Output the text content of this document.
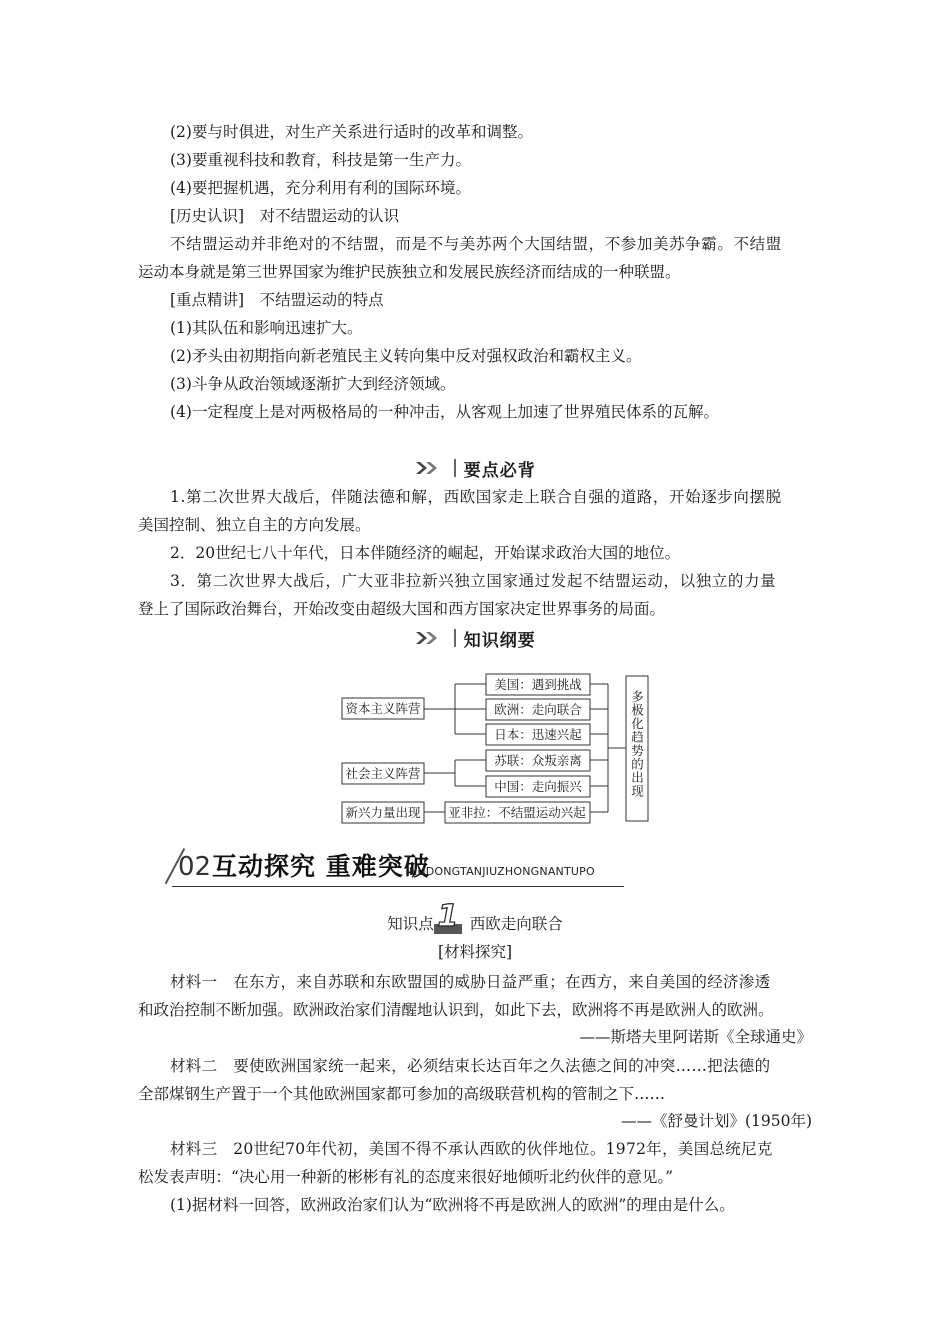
(2)要与时俱进，对生产关系进行适时的改革和调整。

(3)要重视科技和教育，科技是第一生产力。

(4)要把握机遇，充分利用有利的国际环境。

[历史认识]　对不结盟运动的认识

不结盟运动并非绝对的不结盟，而是不与美苏两个大国结盟，不参加美苏争霸。不结盟

运动本身就是第三世界国家为维护民族独立和发展民族经济而结成的一种联盟。

[重点精讲]　不结盟运动的特点

(1)其队伍和影响迅速扩大。

(2)矛头由初期指向新老殖民主义转向集中反对强权政治和霸权主义。

(3)斗争从政治领域逐渐扩大到经济领域。

(4)一定程度上是对两极格局的一种冲击，从客观上加速了世界殖民体系的瓦解。

要点必背

1.第二次世界大战后，伴随法德和解，西欧国家走上联合自强的道路，开始逐步向摆脱

美国控制、独立自主的方向发展。

2．20世纪七八十年代，日本伴随经济的崛起，开始谋求政治大国的地位。

3．第二次世界大战后，广大亚非拉新兴独立国家通过发起不结盟运动，以独立的力量

登上了国际政治舞台，开始改变由超级大国和西方国家决定世界事务的局面。

知识纲要
资本主义阵营
社会主义阵营
新兴力量出现
美国：遇到挑战
欧洲：走向联合
日本：迅速兴起
苏联：众叛亲离
中国：走向振兴
亚非拉：不结盟运动兴起
多极化趋势的出现
02 互动探究 重难突破
HUDONGTANJIUZHONGNANTUPO
知识点 1 西欧走向联合

[材料探究]

材料一　在东方，来自苏联和东欧盟国的威胁日益严重；在西方，来自美国的经济渗透

和政治控制不断加强。欧洲政治家们清醒地认识到，如此下去，欧洲将不再是欧洲人的欧洲。

——斯塔夫里阿诺斯《全球通史》

材料二　要使欧洲国家统一起来，必须结束长达百年之久法德之间的冲突……把法德的

全部煤钢生产置于一个其他欧洲国家都可参加的高级联营机构的管制之下……

——《舒曼计划》(1950年)

材料三　20世纪70年代初，美国不得不承认西欧的伙伴地位。1972年，美国总统尼克

松发表声明：“决心用一种新的彬彬有礼的态度来很好地倾听北约伙伴的意见。”

(1)据材料一回答，欧洲政治家们认为“欧洲将不再是欧洲人的欧洲”的理由是什么。
